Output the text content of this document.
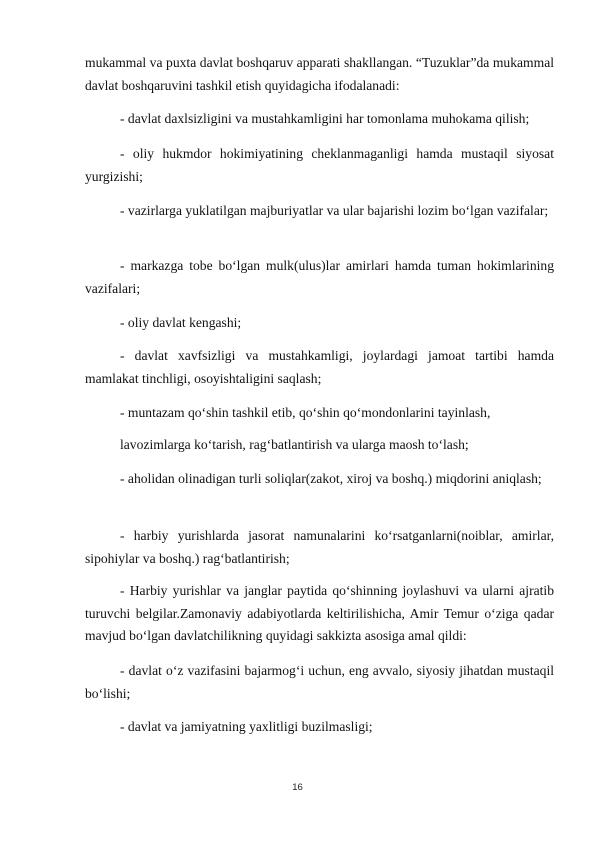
mukammal va puxta davlat boshqaruv apparati shakllangan. “Tuzuklar”da mukammal davlat boshqaruvini tashkil etish quyidagicha ifodalanadi:

- davlat daxlsizligini va mustahkamligini har tomonlama muhokama qilish;

- oliy hukmdor hokimiyatining cheklanmaganligi hamda mustaqil siyosat yurgizishi;

- vazirlarga yuklatilgan majburiyatlar va ular bajarishi lozim bo‘lgan vazifalar;

- markazga tobe bo‘lgan mulk(ulus)lar amirlari hamda tuman hokimlarining vazifalari;

- oliy davlat kengashi;

- davlat xavfsizligi va mustahkamligi, joylardagi jamoat tartibi hamda mamlakat tinchligi, osoyishtaligini saqlash;

- muntazam qo‘shin tashkil etib, qo‘shin qo‘mondonlarini tayinlash,

lavozimlarga ko‘tarish, rag‘batlantirish va ularga maosh to‘lash;

- aholidan olinadigan turli soliqlar(zakot, xiroj va boshq.) miqdorini aniqlash;

- harbiy yurishlarda jasorat namunalarini ko‘rsatganlarni(noiblar, amirlar, sipohiylar va boshq.) rag‘batlantirish;

- Harbiy yurishlar va janglar paytida qo‘shinning joylashuvi va ularni ajratib turuvchi belgilar.Zamonaviy adabiyotlarda keltirilishicha, Amir Temur o‘ziga qadar mavjud bo‘lgan davlatchilikning quyidagi sakkizta asosiga amal qildi:

- davlat o‘z vazifasini bajarmog‘i uchun, eng avvalo, siyosiy jihatdan mustaqil bo‘lishi;

- davlat va jamiyatning yaxlitligi buzilmasligi;

16
